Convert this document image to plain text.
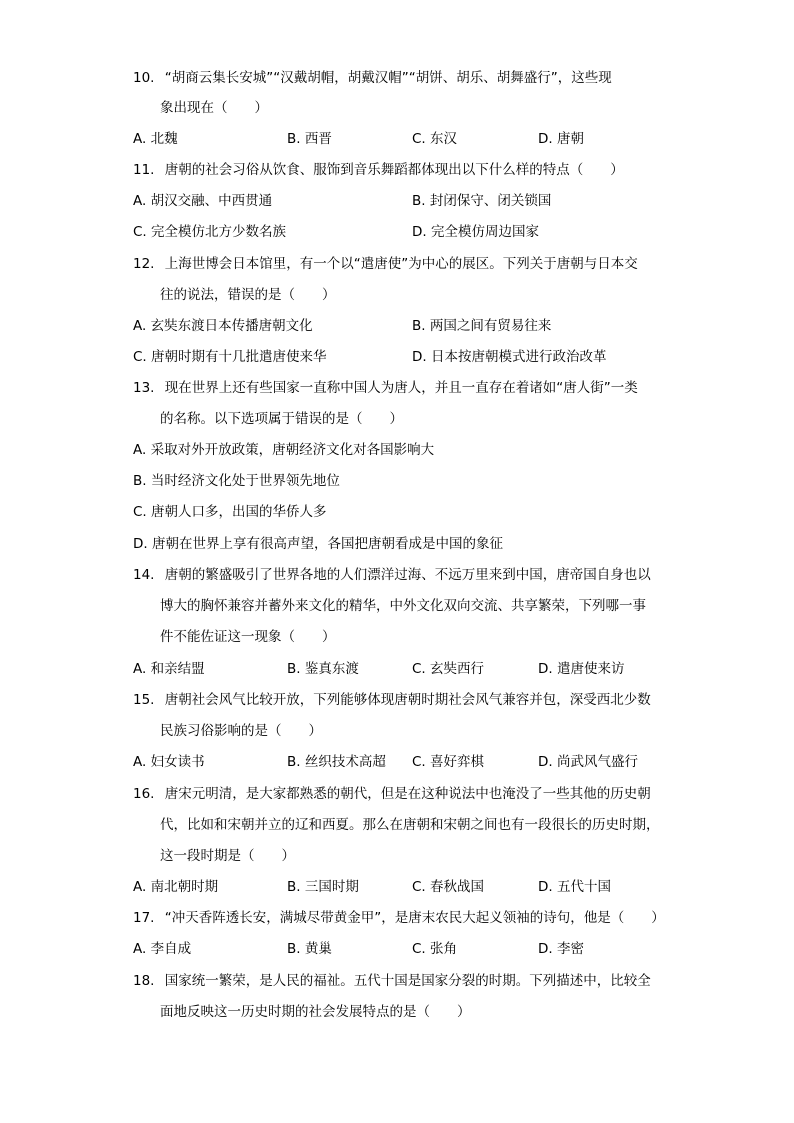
10. “胡商云集长安城”“汉戴胡帽，胡戴汉帽”“胡饼、胡乐、胡舞盛行”，这些现
象出现在（　　）
A. 北魏	B. 西晋	C. 东汉	D. 唐朝
11. 唐朝的社会习俗从饮食、服饰到音乐舞蹈都体现出以下什么样的特点（　　）
A. 胡汉交融、中西贯通	B. 封闭保守、闭关锁国
C. 完全模仿北方少数名族	D. 完全模仿周边国家
12. 上海世博会日本馆里，有一个以“遣唐使”为中心的展区。下列关于唐朝与日本交
往的说法，错误的是（　　）
A. 玄奘东渡日本传播唐朝文化	B. 两国之间有贸易往来
C. 唐朝时期有十几批遣唐使来华	D. 日本按唐朝模式进行政治改革
13. 现在世界上还有些国家一直称中国人为唐人，并且一直存在着诸如“唐人街”一类
的名称。以下选项属于错误的是（　　）
A. 采取对外开放政策，唐朝经济文化对各国影响大
B. 当时经济文化处于世界领先地位
C. 唐朝人口多，出国的华侨人多
D. 唐朝在世界上享有很高声望，各国把唐朝看成是中国的象征
14. 唐朝的繁盛吸引了世界各地的人们漂洋过海、不远万里来到中国，唐帝国自身也以
博大的胸怀兼容并蓄外来文化的精华，中外文化双向交流、共享繁荣，下列哪一事
件不能佐证这一现象（　　）
A. 和亲结盟	B. 鉴真东渡	C. 玄奘西行	D. 遣唐使来访
15. 唐朝社会风气比较开放，下列能够体现唐朝时期社会风气兼容并包，深受西北少数
民族习俗影响的是（　　）
A. 妇女读书	B. 丝织技术高超 C. 喜好弈棋	D. 尚武风气盛行
16. 唐宋元明清，是大家都熟悉的朝代，但是在这种说法中也淹没了一些其他的历史朝
代，比如和宋朝并立的辽和西夏。那么在唐朝和宋朝之间也有一段很长的历史时期，
这一段时期是（　　）
A. 南北朝时期	B. 三国时期	C. 春秋战国	D. 五代十国
17. “冲天香阵透长安，满城尽带黄金甲”，是唐末农民大起义领袖的诗句，他是（　　）
A. 李自成	B. 黄巢	C. 张角	D. 李密
18. 国家统一繁荣，是人民的福祉。五代十国是国家分裂的时期。下列描述中，比较全
面地反映这一历史时期的社会发展特点的是（　　）
